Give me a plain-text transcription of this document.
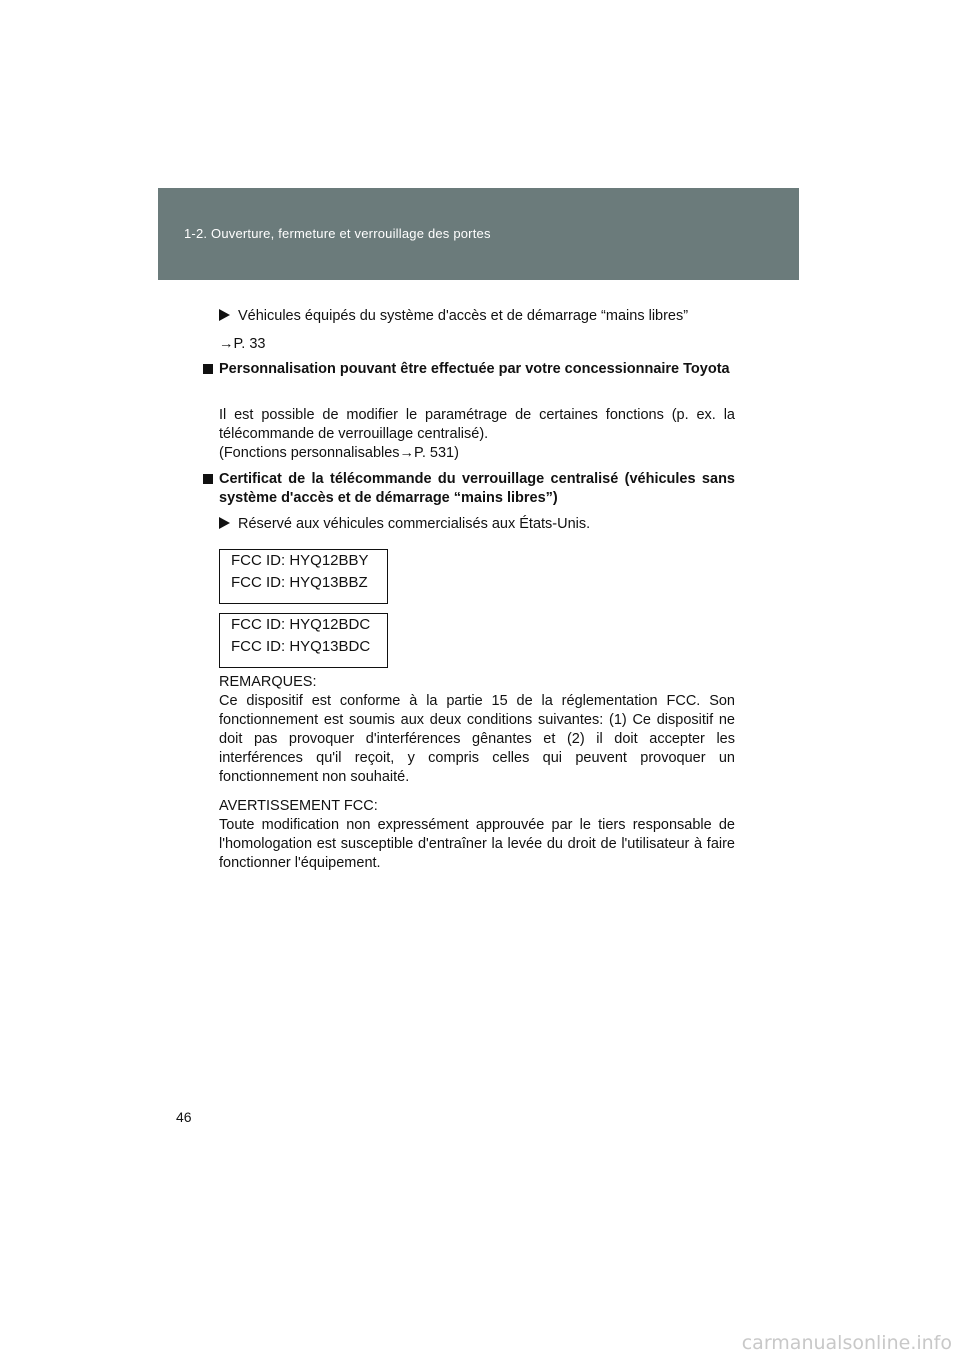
1-2. Ouverture, fermeture et verrouillage des portes
Véhicules équipés du système d'accès et de démarrage “mains libres”
→P. 33
Personnalisation pouvant être effectuée par votre concessionnaire Toyota
Il est possible de modifier le paramétrage de certaines fonctions (p. ex. la télécommande de verrouillage centralisé).
(Fonctions personnalisables→P. 531)
Certificat de la télécommande du verrouillage centralisé (véhicules sans système d'accès et de démarrage “mains libres”)
Réservé aux véhicules commercialisés aux États-Unis.
FCC ID: HYQ12BBY
FCC ID: HYQ13BBZ
FCC ID: HYQ12BDC
FCC ID: HYQ13BDC
REMARQUES:
Ce dispositif est conforme à la partie 15 de la réglementation FCC. Son fonctionnement est soumis aux deux conditions suivantes: (1) Ce dispositif ne doit pas provoquer d'interférences gênantes et (2) il doit accepter les interférences qu'il reçoit, y compris celles qui peuvent provoquer un fonctionnement non souhaité.
AVERTISSEMENT FCC:
Toute modification non expressément approuvée par le tiers responsable de l'homologation est susceptible d'entraîner la levée du droit de l'utilisateur à faire fonctionner l'équipement.
46
carmanualsonline.info
